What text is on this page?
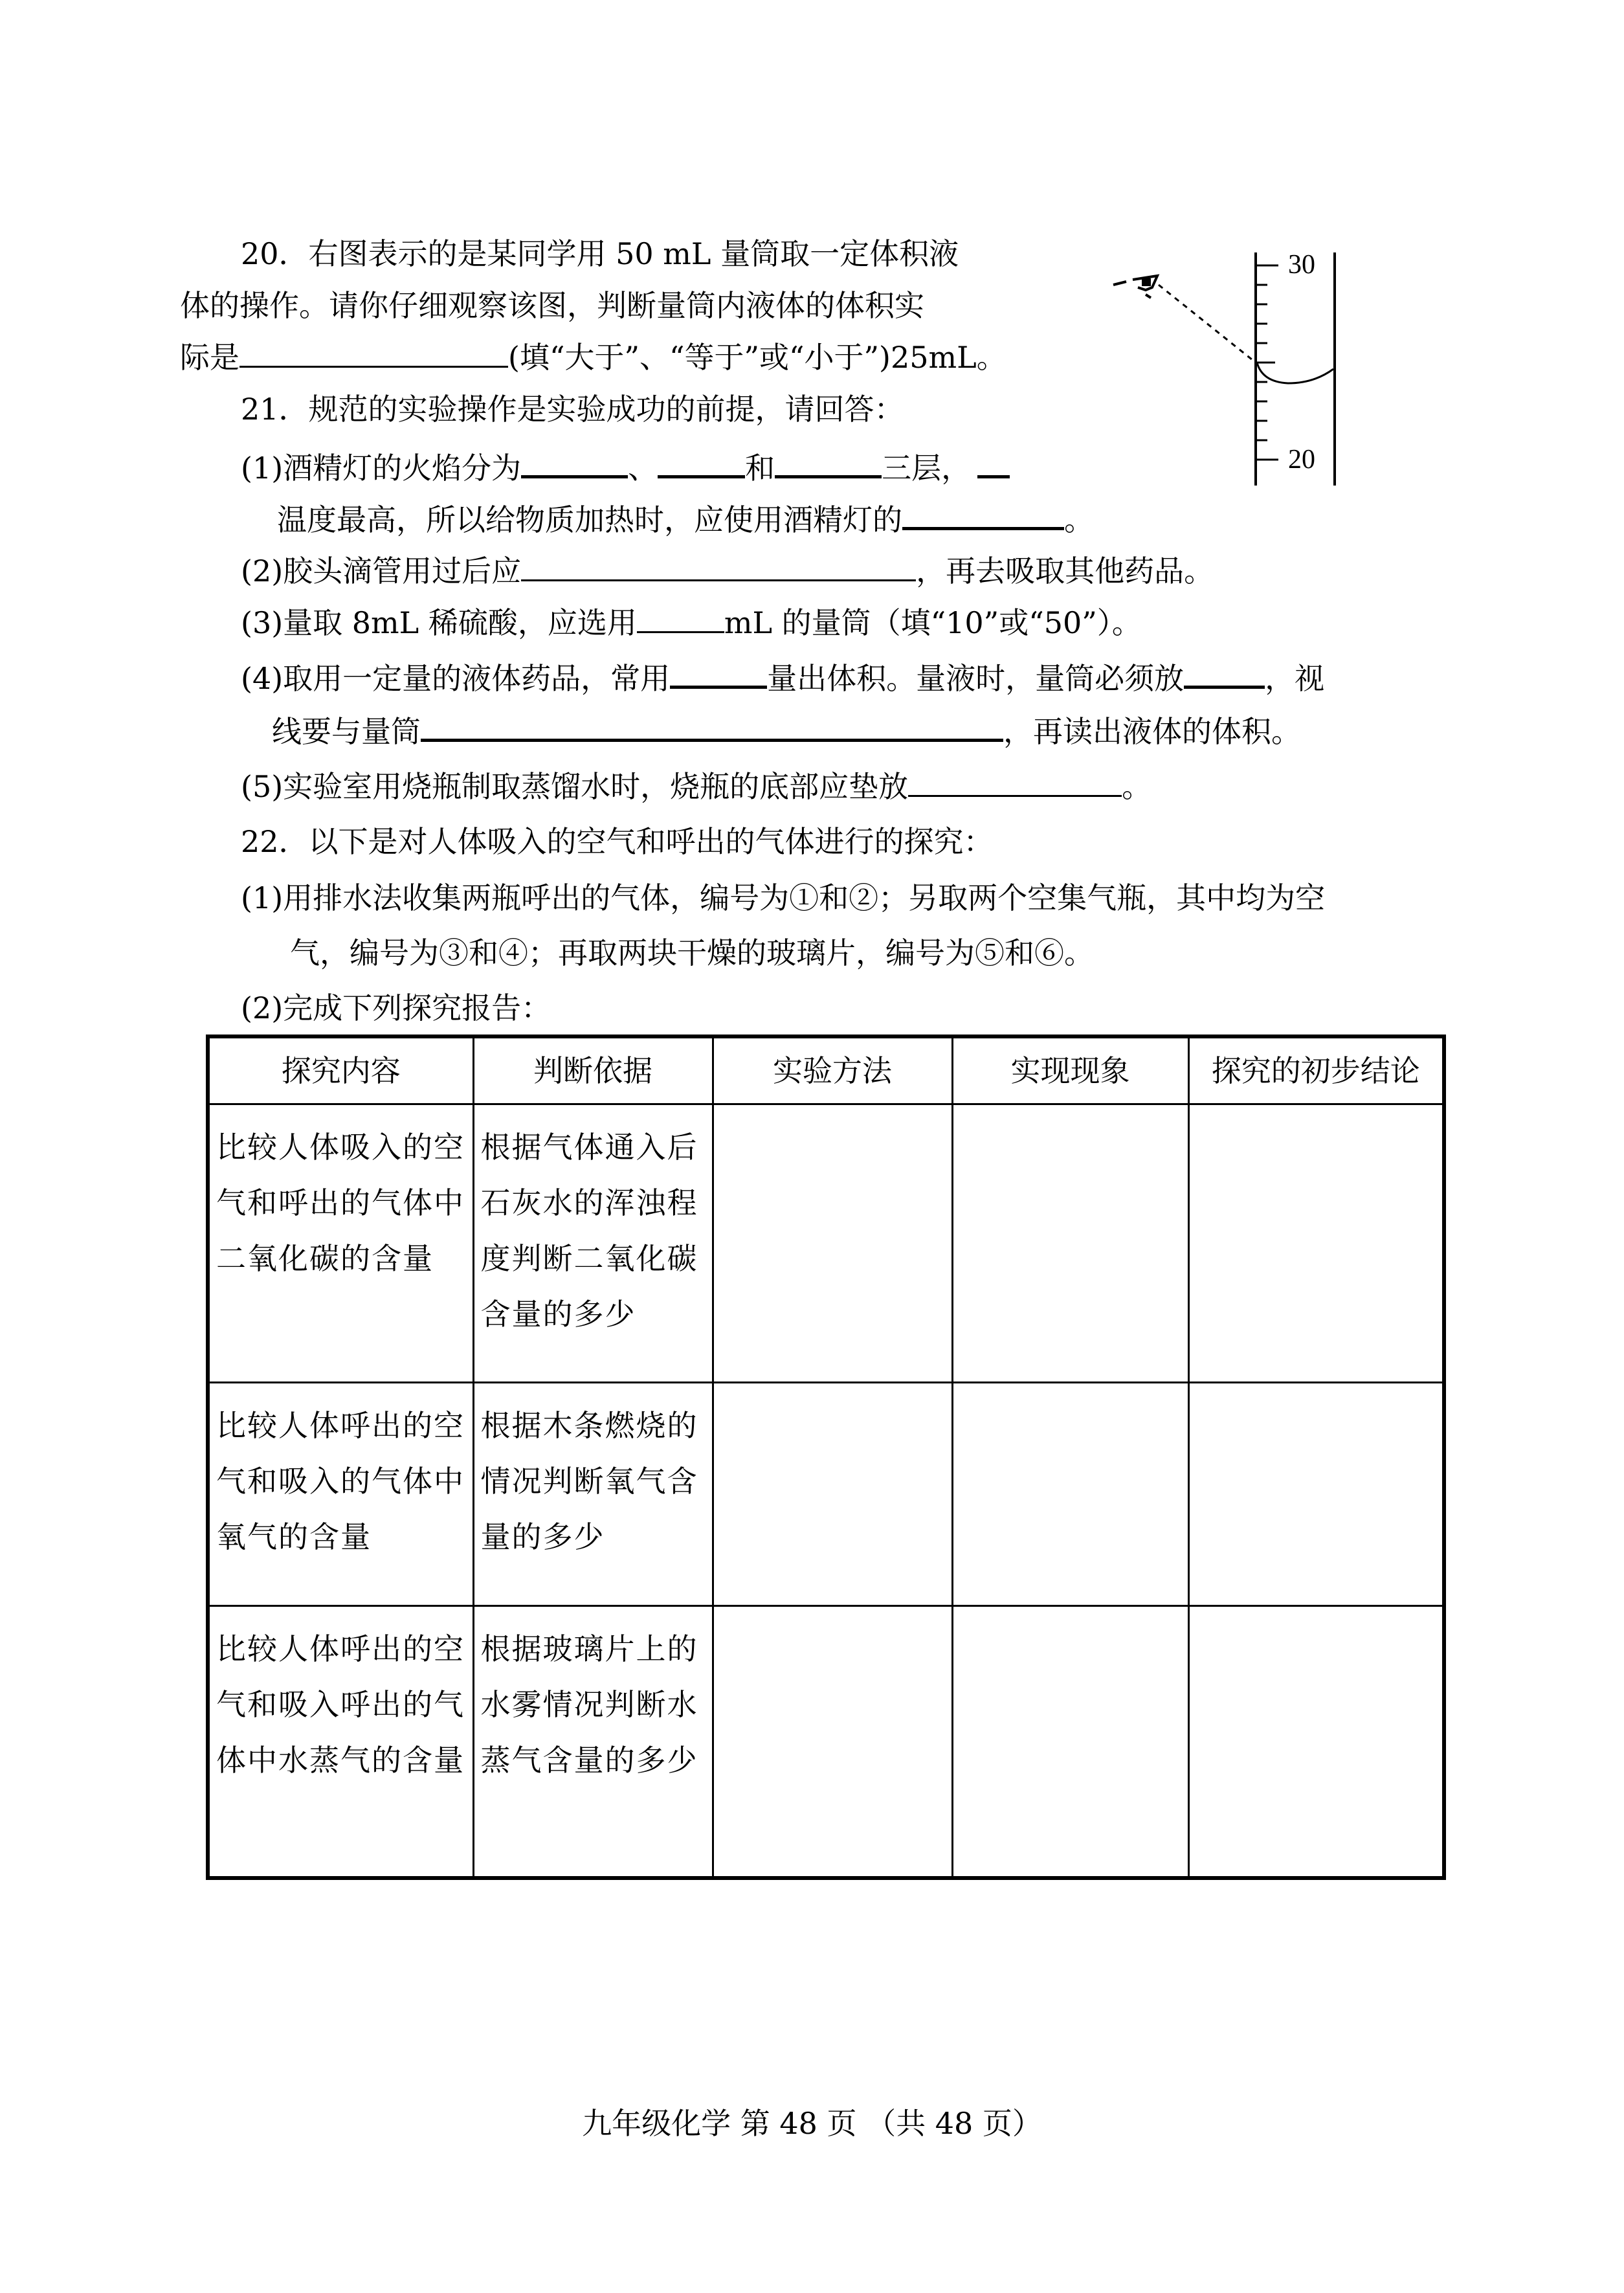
20．右图表示的是某同学用 50 mL 量筒取一定体积液
体的操作。请你仔细观察该图，判断量筒内液体的体积实
际是	(填“大于”、“等于”或“小于”)25mL。
30
20
21．规范的实验操作是实验成功的前提，请回答：
(1)酒精灯的火焰分为	、	和	三层，
温度最高，所以给物质加热时，应使用酒精灯的	。
(2)胶头滴管用过后应	，再去吸取其他药品。
(3)量取 8mL 稀硫酸，应选用	mL 的量筒（填“10”或“50”）。
(4)取用一定量的液体药品，常用	量出体积。量液时，量筒必须放	，视
线要与量筒	，再读出液体的体积。
(5)实验室用烧瓶制取蒸馏水时，烧瓶的底部应垫放	。
22．以下是对人体吸入的空气和呼出的气体进行的探究：
(1)用排水法收集两瓶呼出的气体，编号为①和②；另取两个空集气瓶，其中均为空
气，编号为③和④；再取两块干燥的玻璃片，编号为⑤和⑥。
(2)完成下列探究报告：
探究内容	判断依据	实验方法	实现现象	探究的初步结论

比较人体吸入的空气和呼出的气体中二氧化碳的含量	根据气体通入后石灰水的浑浊程度判断二氧化碳含量的多少			

比较人体呼出的空气和吸入的气体中氧气的含量	根据木条燃烧的情况判断氧气含量的多少			

比较人体呼出的空气和吸入呼出的气体中水蒸气的含量	根据玻璃片上的水雾情况判断水蒸气含量的多少			

九年级化学 第 48 页 （共 48 页）
